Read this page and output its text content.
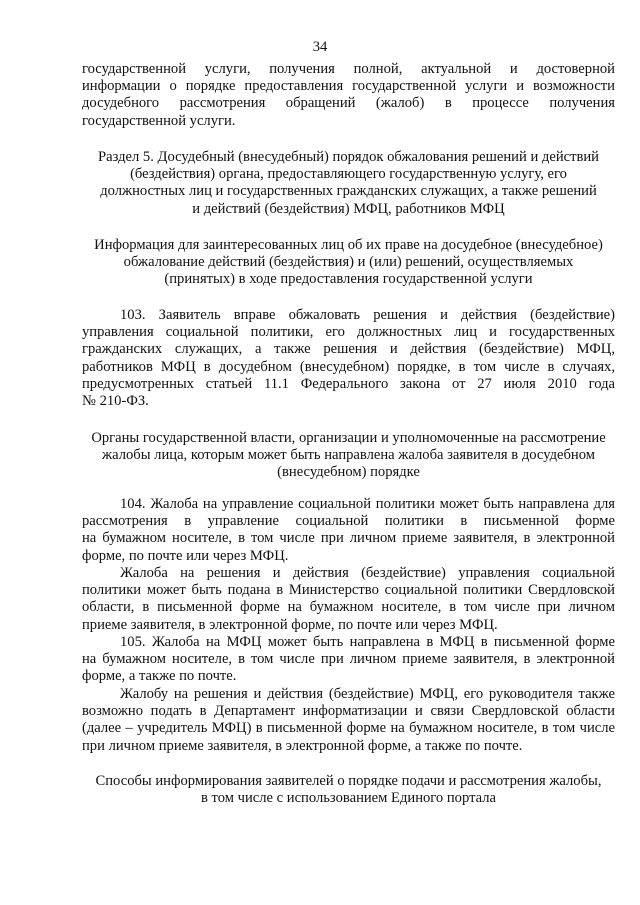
34
государственной услуги, получения полной, актуальной и достоверной
информации о порядке предоставления государственной услуги и возможности
досудебного рассмотрения обращений (жалоб) в процессе получения
государственной услуги.
Раздел 5. Досудебный (внесудебный) порядок обжалования решений и действий
(бездействия) органа, предоставляющего государственную услугу, его
должностных лиц и государственных гражданских служащих, а также решений
и действий (бездействия) МФЦ, работников МФЦ
Информация для заинтересованных лиц об их праве на досудебное (внесудебное)
обжалование действий (бездействия) и (или) решений, осуществляемых
(принятых) в ходе предоставления государственной услуги
103. Заявитель вправе обжаловать решения и действия (бездействие)
управления социальной политики, его должностных лиц и государственных
гражданских служащих, а также решения и действия (бездействие) МФЦ,
работников МФЦ в досудебном (внесудебном) порядке, в том числе в случаях,
предусмотренных статьей 11.1 Федерального закона от 27 июля 2010 года
№ 210-ФЗ.
Органы государственной власти, организации и уполномоченные на рассмотрение
жалобы лица, которым может быть направлена жалоба заявителя в досудебном
(внесудебном) порядке
104. Жалоба на управление социальной политики может быть направлена для
рассмотрения в управление социальной политики в письменной форме
на бумажном носителе, в том числе при личном приеме заявителя, в электронной
форме, по почте или через МФЦ.
Жалоба на решения и действия (бездействие) управления социальной
политики может быть подана в Министерство социальной политики Свердловской
области, в письменной форме на бумажном носителе, в том числе при личном
приеме заявителя, в электронной форме, по почте или через МФЦ.
105. Жалоба на МФЦ может быть направлена в МФЦ в письменной форме
на бумажном носителе, в том числе при личном приеме заявителя, в электронной
форме, а также по почте.
Жалобу на решения и действия (бездействие) МФЦ, его руководителя также
возможно подать в Департамент информатизации и связи Свердловской области
(далее – учредитель МФЦ) в письменной форме на бумажном носителе, в том числе
при личном приеме заявителя, в электронной форме, а также по почте.
Способы информирования заявителей о порядке подачи и рассмотрения жалобы,
в том числе с использованием Единого портала
